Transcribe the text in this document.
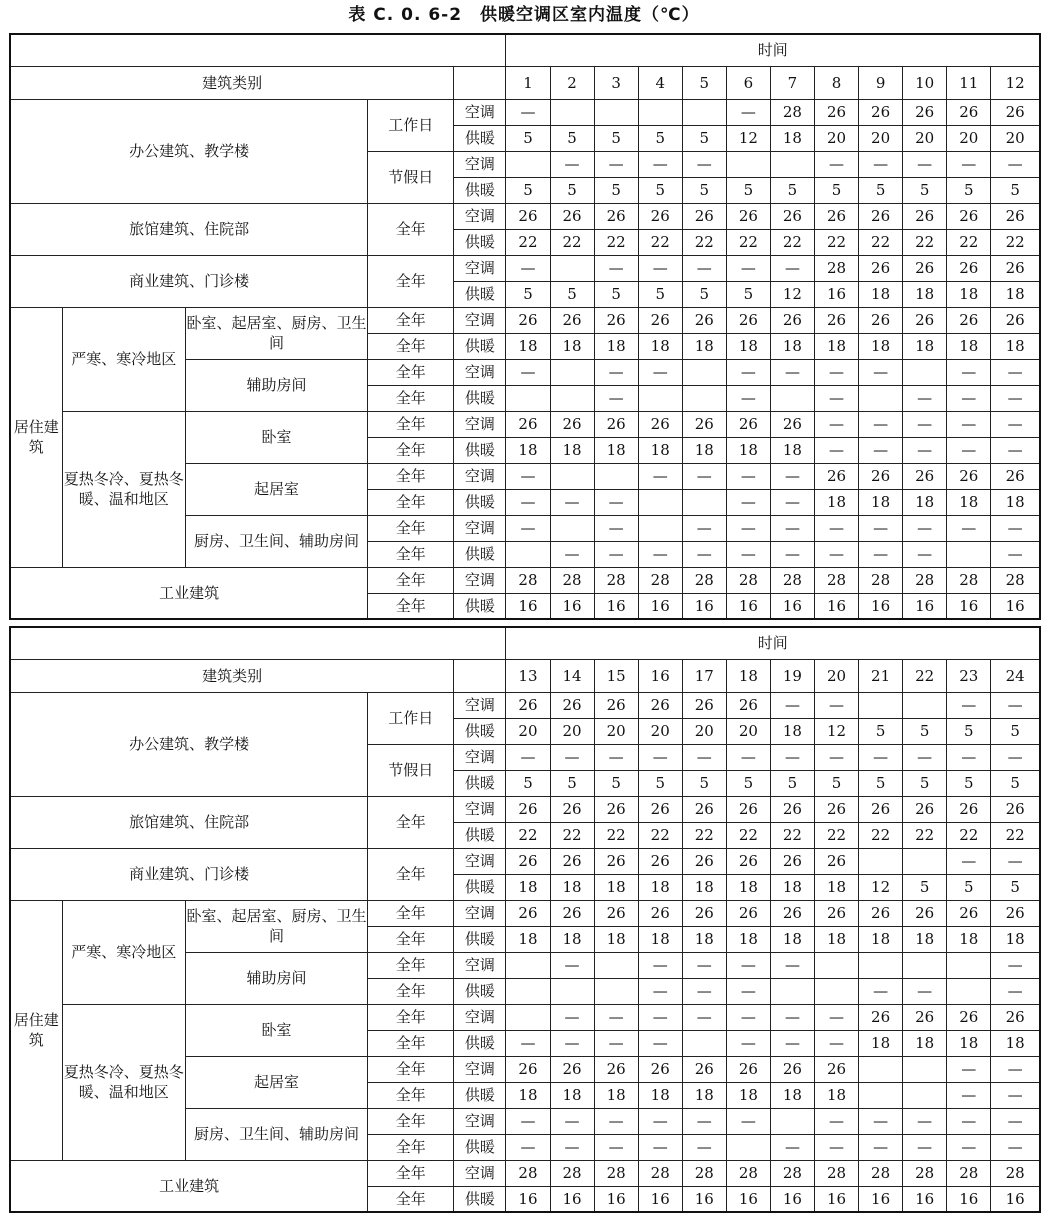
表 C. 0. 6-2　供暖空调区室内温度（℃）
					时间											
建筑类别					1	2	3	4	5	6	7	8	9	10	11	12
办公建筑、教学楼			工作日	空调	—					—	28	26	26	26	26	26
				供暖	5	5	5	5	5	12	18	20	20	20	20	20
			节假日	空调		—	—	—	—			—	—	—	—	—
				供暖	5	5	5	5	5	5	5	5	5	5	5	5
旅馆建筑、住院部			全年	空调	26	26	26	26	26	26	26	26	26	26	26	26
				供暖	22	22	22	22	22	22	22	22	22	22	22	22
商业建筑、门诊楼			全年	空调	—		—	—	—	—	—	28	26	26	26	26
				供暖	5	5	5	5	5	5	12	16	18	18	18	18
居住建筑	严寒、寒冷地区	卧室、起居室、厨房、卫生间	全年	空调	26	26	26	26	26	26	26	26	26	26	26	26
			全年	供暖	18	18	18	18	18	18	18	18	18	18	18	18
		辅助房间	全年	空调	—		—	—		—	—	—	—		—	—
			全年	供暖			—			—		—		—	—	—
	夏热冬冷、夏热冬暖、温和地区	卧室	全年	空调	26	26	26	26	26	26	26	—	—	—	—	—
			全年	供暖	18	18	18	18	18	18	18	—	—	—	—	—
		起居室	全年	空调	—			—	—	—	—	26	26	26	26	26
			全年	供暖	—	—	—			—	—	18	18	18	18	18
		厨房、卫生间、辅助房间	全年	空调	—		—		—	—	—	—	—	—	—	—
			全年	供暖		—	—	—	—	—	—	—	—	—		—
工业建筑			全年	空调	28	28	28	28	28	28	28	28	28	28	28	28
			全年	供暖	16	16	16	16	16	16	16	16	16	16	16	16
					时间											
建筑类别					13	14	15	16	17	18	19	20	21	22	23	24
办公建筑、教学楼			工作日	空调	26	26	26	26	26	26	—	—			—	—
				供暖	20	20	20	20	20	20	18	12	5	5	5	5
			节假日	空调	—	—	—	—	—	—	—	—	—	—	—	—
				供暖	5	5	5	5	5	5	5	5	5	5	5	5
旅馆建筑、住院部			全年	空调	26	26	26	26	26	26	26	26	26	26	26	26
				供暖	22	22	22	22	22	22	22	22	22	22	22	22
商业建筑、门诊楼			全年	空调	26	26	26	26	26	26	26	26			—	—
				供暖	18	18	18	18	18	18	18	18	12	5	5	5
居住建筑	严寒、寒冷地区	卧室、起居室、厨房、卫生间	全年	空调	26	26	26	26	26	26	26	26	26	26	26	26
			全年	供暖	18	18	18	18	18	18	18	18	18	18	18	18
		辅助房间	全年	空调		—		—	—	—	—					—
			全年	供暖				—	—	—			—	—		—
	夏热冬冷、夏热冬暖、温和地区	卧室	全年	空调		—	—	—	—	—	—	—	26	26	26	26
			全年	供暖	—	—	—	—		—	—	—	18	18	18	18
		起居室	全年	空调	26	26	26	26	26	26	26	26			—	—
			全年	供暖	18	18	18	18	18	18	18	18			—	—
		厨房、卫生间、辅助房间	全年	空调	—	—	—	—	—	—		—	—	—	—	—
			全年	供暖	—	—	—	—	—		—	—	—	—	—	—
工业建筑			全年	空调	28	28	28	28	28	28	28	28	28	28	28	28
			全年	供暖	16	16	16	16	16	16	16	16	16	16	16	16
